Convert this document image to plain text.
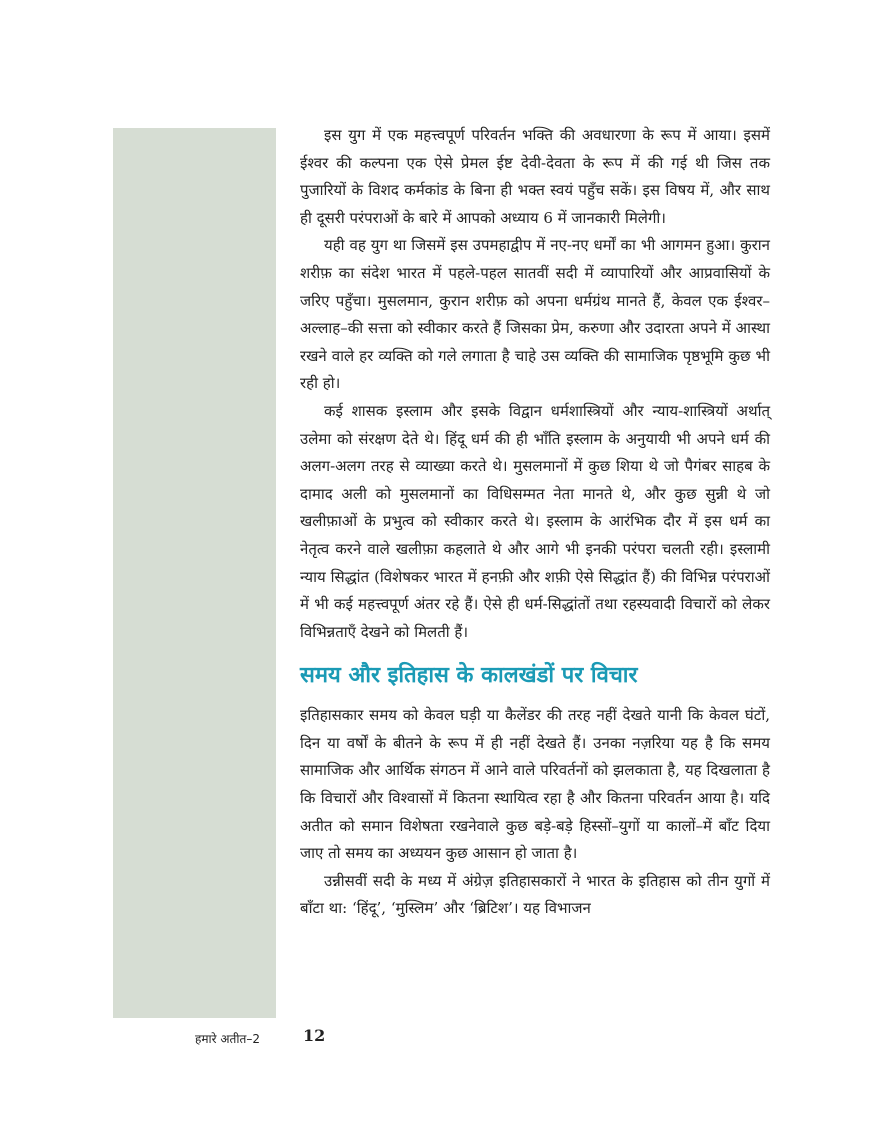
इस युग में एक महत्त्वपूर्ण परिवर्तन भक्ति की अवधारणा के रूप में आया। इसमें ईश्वर की कल्पना एक ऐसे प्रेमल ईष्ट देवी-देवता के रूप में की गई थी जिस तक पुजारियों के विशद कर्मकांड के बिना ही भक्त स्वयं पहुँच सकें। इस विषय में, और साथ ही दूसरी परंपराओं के बारे में आपको अध्याय 6 में जानकारी मिलेगी।

यही वह युग था जिसमें इस उपमहाद्वीप में नए-नए धर्मों का भी आगमन हुआ। कुरान शरीफ़ का संदेश भारत में पहले-पहल सातवीं सदी में व्यापारियों और आप्रवासियों के जरिए पहुँचा। मुसलमान, कुरान शरीफ़ को अपना धर्मग्रंथ मानते हैं, केवल एक ईश्वर–अल्लाह–की सत्ता को स्वीकार करते हैं जिसका प्रेम, करुणा और उदारता अपने में आस्था रखने वाले हर व्यक्ति को गले लगाता है चाहे उस व्यक्ति की सामाजिक पृष्ठभूमि कुछ भी रही हो।

कई शासक इस्लाम और इसके विद्वान धर्मशास्त्रियों और न्याय-शास्त्रियों अर्थात् उलेमा को संरक्षण देते थे। हिंदू धर्म की ही भाँति इस्लाम के अनुयायी भी अपने धर्म की अलग-अलग तरह से व्याख्या करते थे। मुसलमानों में कुछ शिया थे जो पैगंबर साहब के दामाद अली को मुसलमानों का विधिसम्मत नेता मानते थे, और कुछ सुन्नी थे जो खलीफ़ाओं के प्रभुत्व को स्वीकार करते थे। इस्लाम के आरंभिक दौर में इस धर्म का नेतृत्व करने वाले खलीफ़ा कहलाते थे और आगे भी इनकी परंपरा चलती रही। इस्लामी न्याय सिद्धांत (विशेषकर भारत में हनफ़ी और शफ़ी ऐसे सिद्धांत हैं) की विभिन्न परंपराओं में भी कई महत्त्वपूर्ण अंतर रहे हैं। ऐसे ही धर्म-सिद्धांतों तथा रहस्यवादी विचारों को लेकर विभिन्नताएँ देखने को मिलती हैं।

समय और इतिहास के कालखंडों पर विचार

इतिहासकार समय को केवल घड़ी या कैलेंडर की तरह नहीं देखते यानी कि केवल घंटों, दिन या वर्षों के बीतने के रूप में ही नहीं देखते हैं। उनका नज़रिया यह है कि समय सामाजिक और आर्थिक संगठन में आने वाले परिवर्तनों को झलकाता है, यह दिखलाता है कि विचारों और विश्वासों में कितना स्थायित्व रहा है और कितना परिवर्तन आया है। यदि अतीत को समान विशेषता रखनेवाले कुछ बड़े-बड़े हिस्सों–युगों या कालों–में बाँट दिया जाए तो समय का अध्ययन कुछ आसान हो जाता है।

उन्नीसवीं सदी के मध्य में अंग्रेज़ इतिहासकारों ने भारत के इतिहास को तीन युगों में बाँटा था: ‘हिंदू’, ‘मुस्लिम’ और ‘ब्रिटिश’। यह विभाजन

हमारे अतीत–2	12
